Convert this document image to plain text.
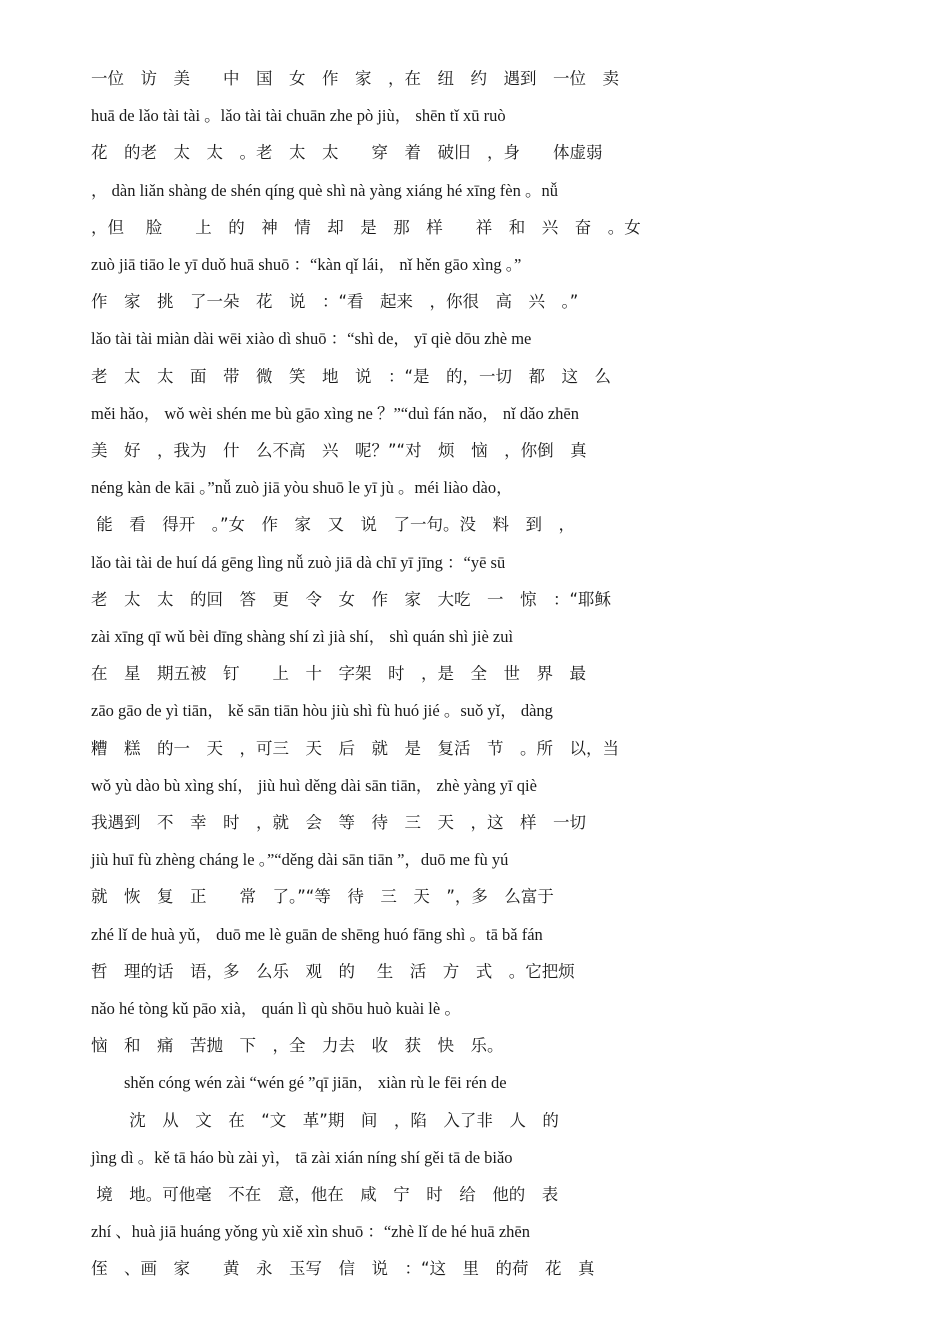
一位　访　美　　中　国　女　作　家　，在　纽　约　遇到　一位　卖
huā de lǎo tài tài 。lǎo tài tài chuān zhe pò jiù， shēn tǐ xū ruò
花　的老　太　太　。老　太　太　　穿　着　破旧　，身　　体虚弱
， dàn liǎn shàng de shén qíng què shì nà yàng xiáng hé xīng fèn 。nǚ
，但　 脸　　上　的　神　情　却　是　那　样　　祥　和　兴　奋　。女
zuò jiā tiāo le yī duǒ huā shuō ：“kàn qǐ lái， nǐ hěn gāo xìng 。”
作　家　挑　了一朵　花　说　：“看　起来　，你很　高　兴　。”
lǎo tài tài miàn dài wēi xiào dì shuō ：“shì de， yī qiè dōu zhè me
老　太　太　面　带　微　笑　地　说　：“是　的，一切　都　这　么
měi hǎo， wǒ wèi shén me bù gāo xìng ne ？”“duì fán nǎo， nǐ dǎo zhēn
美　好　，我为　什　么不高　兴　呢？”“对　烦　恼　，你倒　真
néng kàn de kāi 。”nǚ zuò jiā yòu shuō le yī jù 。méi liào dào，
能　看　得开　。”女　作　家　又　说　了一句。没　料　到　，
lǎo tài tài de huí dá gēng lìng nǚ zuò jiā dà chī yī jīng ：“yē sū
老　太　太　的回　答　更　令　女　作　家　大吃　一　惊　：“耶稣
zài xīng qī wǔ bèi dīng shàng shí zì jià shí， shì quán shì jiè zuì
在　星　期五被　钉　　上　十　字架　时　，是　全　世　界　最
zāo gāo de yì tiān， kě sān tiān hòu jiù shì fù huó jié 。suǒ yǐ， dàng
糟　糕　的一　天　，可三　天　后　就　是　复活　节　。所　以，当
wǒ yù dào bù xìng shí， jiù huì děng dài sān tiān， zhè yàng yī qiè
我遇到　不　幸　时　，就　会　等　待　三　天　，这　样　一切
jiù huī fù zhèng cháng le 。”“děng dài sān tiān ”，duō me fù yú
就　恢　复　正　　常　了。”“等　待　三　天　”，多　么富于
zhé lǐ de huà yǔ， duō me lè guān de shēng huó fāng shì 。tā bǎ fán
哲　理的话　语，多　么乐　观　的　 生　活　方　式　。它把烦
nǎo hé tòng kǔ pāo xià， quán lì qù shōu huò kuài lè 。
恼　和　痛　苦抛　下　，全　力去　收　获　快　乐。
shěn cóng wén zài “wén gé ”qī jiān， xiàn rù le fēi rén de
　　 沈　从　文　在　“文　革”期　间　，陷　入了非　人　的
jìng dì 。kě tā háo bù zài yì， tā zài xián níng shí gěi tā de biǎo
境　地。可他毫　不在　意，他在　咸　宁　时　给　他的　表
zhí 、huà jiā huáng yǒng yù xiě xìn shuō ：“zhè lǐ de hé huā zhēn
侄　、画　家　　黄　永　玉写　信　说　：“这　里　的荷　花　真
